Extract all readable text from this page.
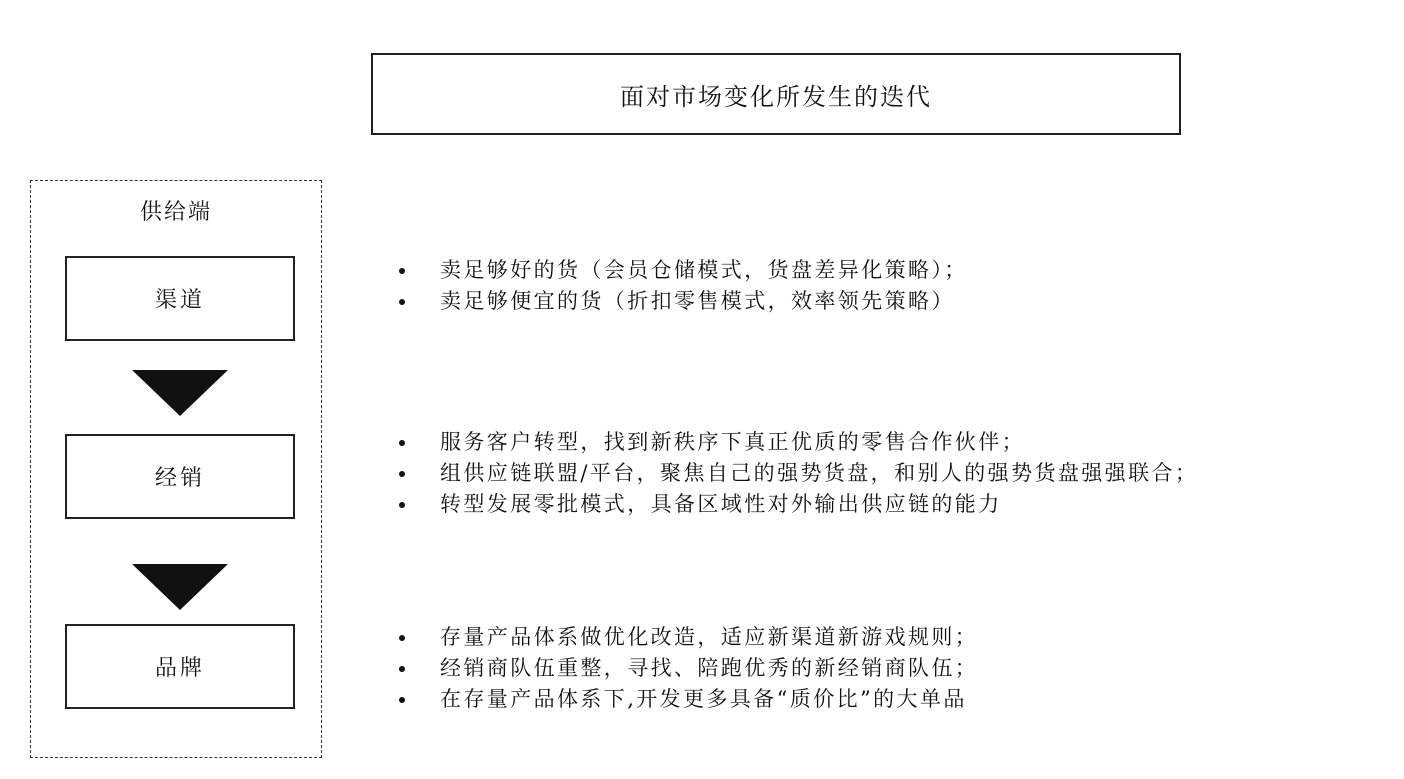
面对市场变化所发生的迭代
供给端
渠道
经销
品牌
卖足够好的货（会员仓储模式，货盘差异化策略）；
卖足够便宜的货（折扣零售模式，效率领先策略）
服务客户转型，找到新秩序下真正优质的零售合作伙伴；
组供应链联盟/平台，聚焦自己的强势货盘，和别人的强势货盘强强联合；
转型发展零批模式，具备区域性对外输出供应链的能力
存量产品体系做优化改造，适应新渠道新游戏规则；
经销商队伍重整，寻找、陪跑优秀的新经销商队伍；
在存量产品体系下,开发更多具备“质价比”的大单品
